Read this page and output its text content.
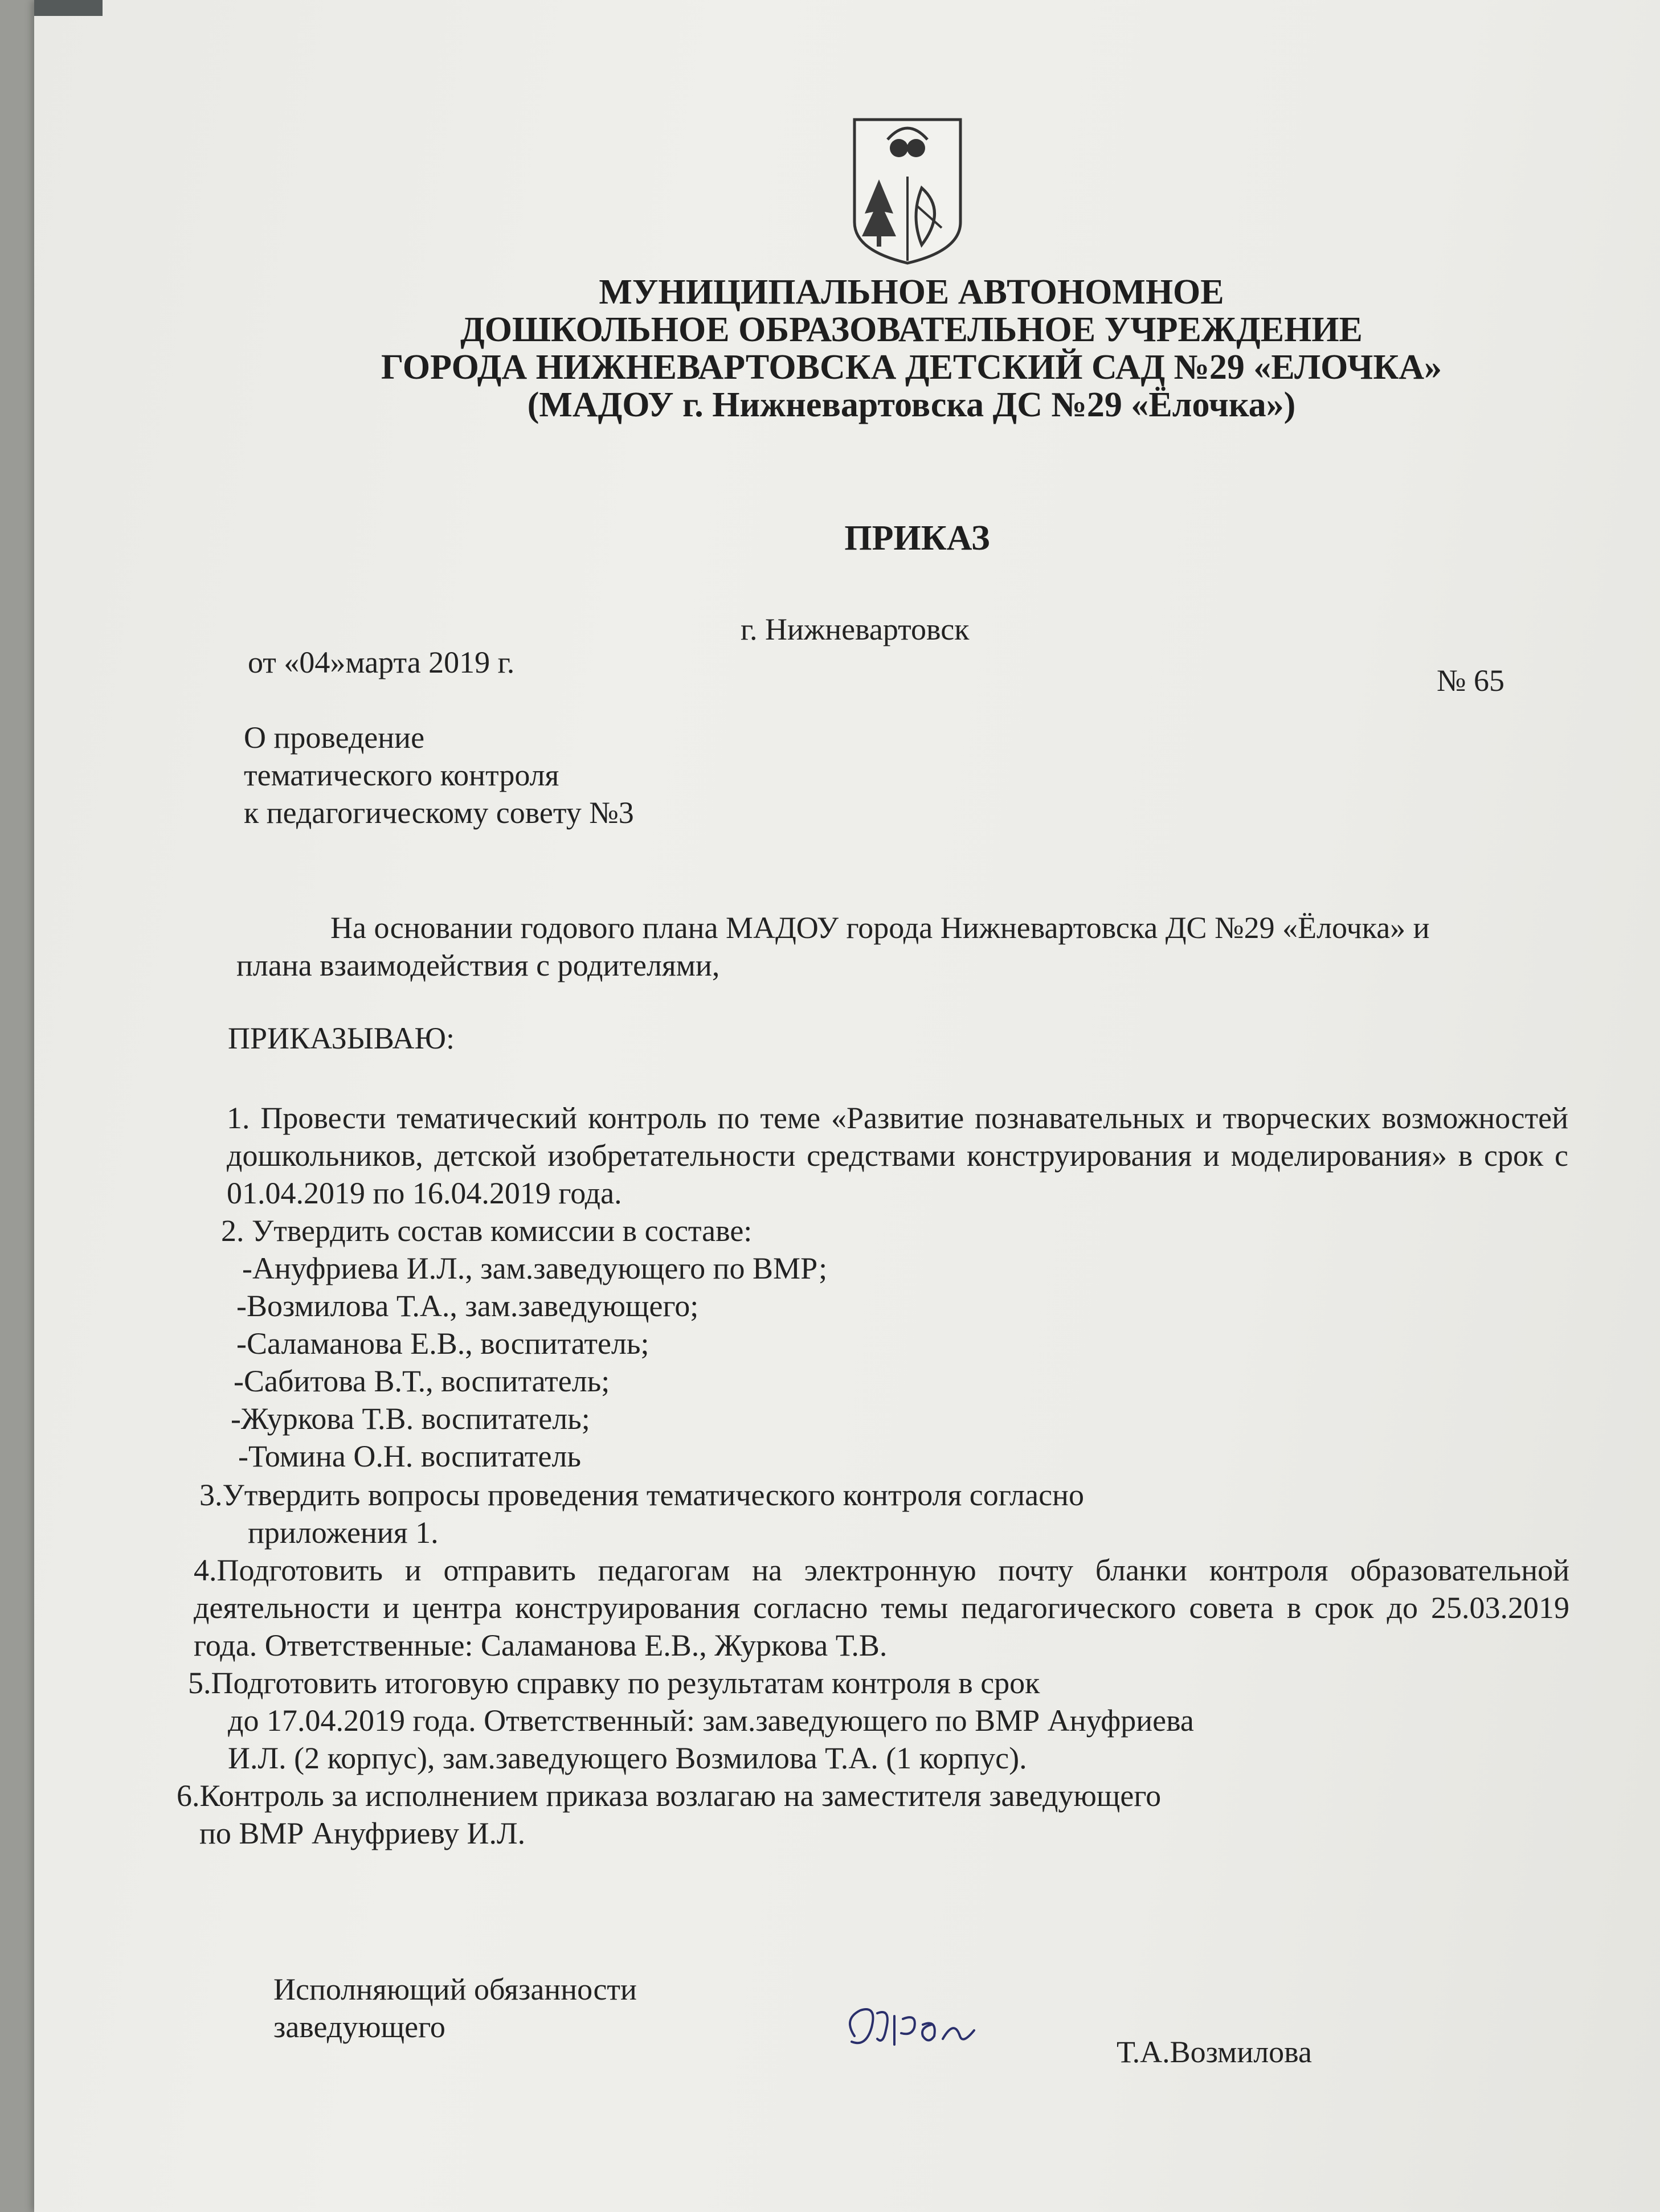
МУНИЦИПАЛЬНОЕ АВТОНОМНОЕ
ДОШКОЛЬНОЕ ОБРАЗОВАТЕЛЬНОЕ УЧРЕЖДЕНИЕ
ГОРОДА НИЖНЕВАРТОВСКА ДЕТСКИЙ САД №29 «ЕЛОЧКА»
(МАДОУ г. Нижневартовска ДС №29 «Ёлочка»)
ПРИКАЗ
г. Нижневартовск
от «04»марта 2019 г.
№ 65
О проведение
тематического контроля
к педагогическому совету №3
На основании годового плана МАДОУ города Нижневартовска ДС №29 «Ёлочка» и
плана взаимодействия с родителями,
ПРИКАЗЫВАЮ:
1. Провести тематический контроль по теме «Развитие познавательных и творческих возможностей дошкольников, детской изобретательности средствами конструирования и моделирования» в срок с 01.04.2019 по 16.04.2019 года.
2. Утвердить состав комиссии в составе:
-Ануфриева И.Л., зам.заведующего по ВМР;
-Возмилова Т.А., зам.заведующего;
-Саламанова Е.В., воспитатель;
-Сабитова В.Т., воспитатель;
-Журкова Т.В. воспитатель;
-Томина О.Н. воспитатель
3.Утвердить вопросы проведения тематического контроля согласно
приложения 1.
4.Подготовить и отправить педагогам на электронную почту бланки контроля образовательной деятельности и центра конструирования согласно темы педагогического совета в срок до 25.03.2019 года. Ответственные: Саламанова Е.В., Журкова Т.В.
5.Подготовить итоговую справку по результатам контроля в срок
до 17.04.2019 года. Ответственный: зам.заведующего по ВМР Ануфриева
И.Л. (2 корпус), зам.заведующего Возмилова Т.А. (1 корпус).
6.Контроль за исполнением приказа возлагаю на заместителя заведующего
по ВМР Ануфриеву И.Л.
Исполняющий обязанности
заведующего
Т.А.Возмилова
